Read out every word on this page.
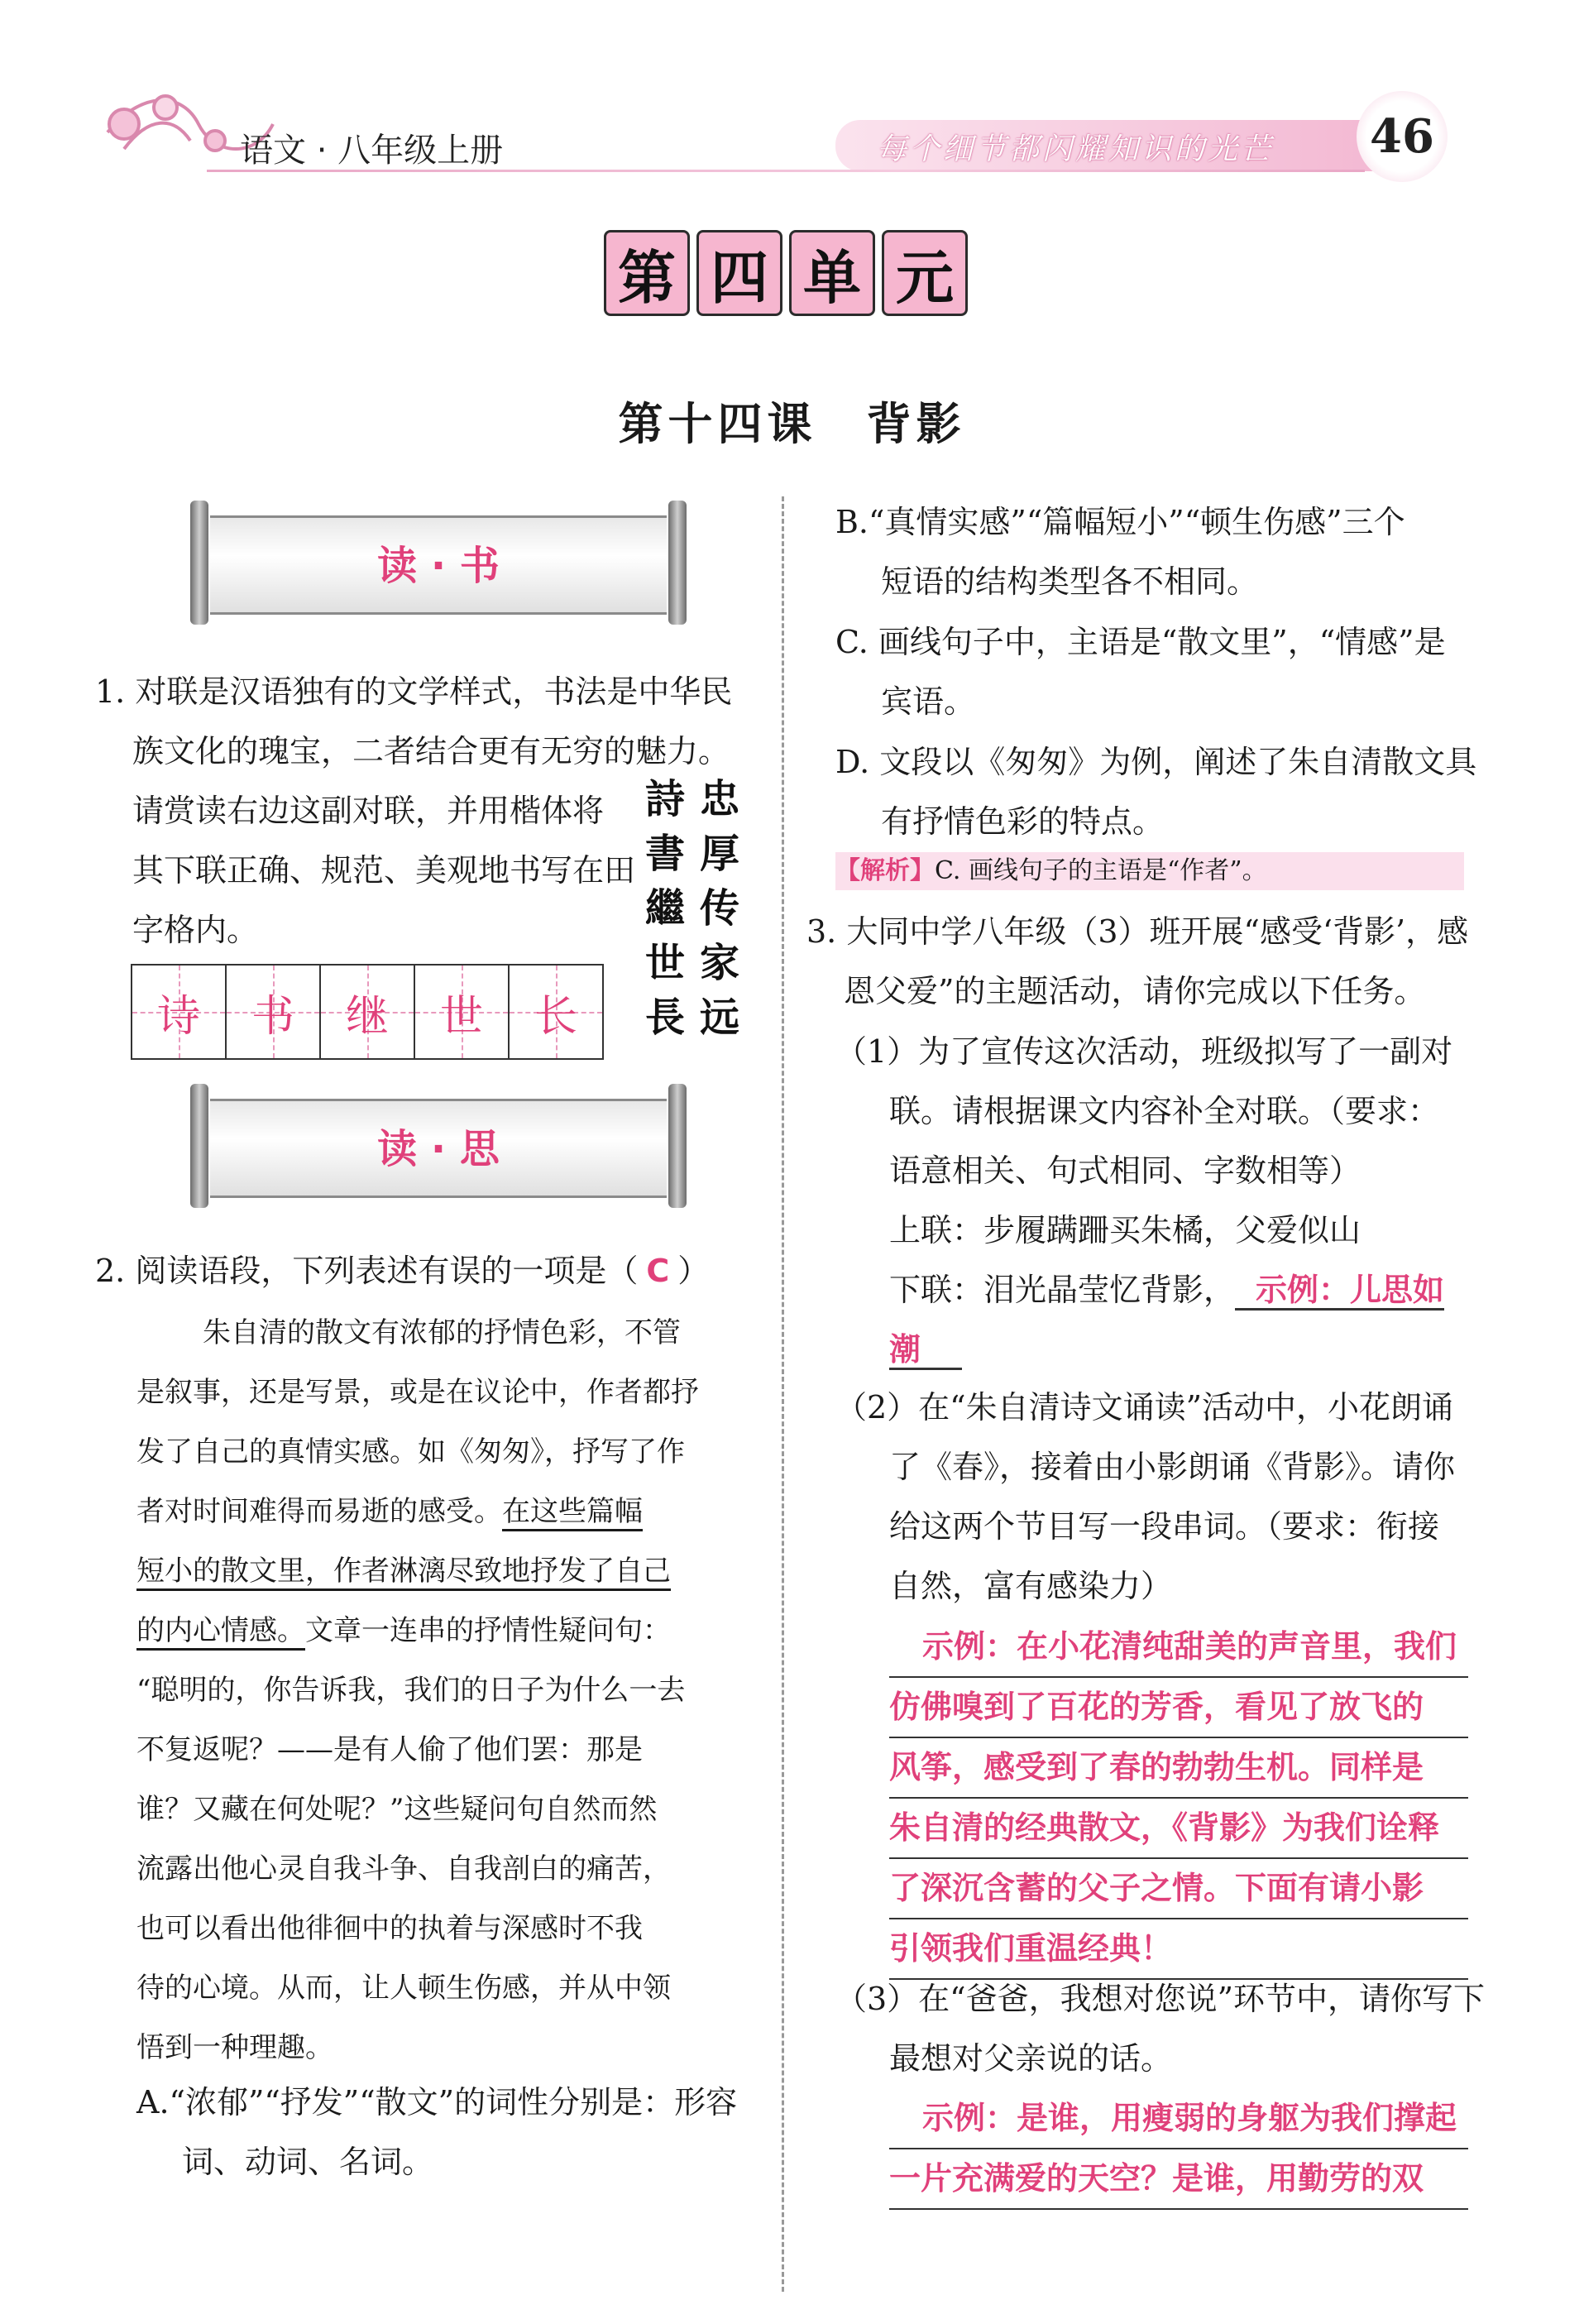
语文 · 八年级上册	每个细节都闪耀知识的光芒 46
第 四 单 元
第十四课　背影
读 · 书
1. 对联是汉语独有的文学样式，书法是中华民
族文化的瑰宝，二者结合更有无穷的魅力。
请赏读右边这副对联，并用楷体将
其下联正确、规范、美观地书写在田
字格内。
詩
書
繼
世
長
忠
厚
传
家
远
诗 书 继 世 长
读 · 思
2. 阅读语段，下列表述有误的一项是（ C ）
朱自清的散文有浓郁的抒情色彩，不管
是叙事，还是写景，或是在议论中，作者都抒
发了自己的真情实感。如《匆匆》，抒写了作
者对时间难得而易逝的感受。在这些篇幅
短小的散文里，作者淋漓尽致地抒发了自己
的内心情感。文章一连串的抒情性疑问句：
“聪明的，你告诉我，我们的日子为什么一去
不复返呢？——是有人偷了他们罢：那是
谁？又藏在何处呢？”这些疑问句自然而然
流露出他心灵自我斗争、自我剖白的痛苦，
也可以看出他徘徊中的执着与深感时不我
待的心境。从而，让人顿生伤感，并从中领
悟到一种理趣。
A.“浓郁”“抒发”“散文”的词性分别是：形容
词、动词、名词。
B.“真情实感”“篇幅短小”“顿生伤感”三个
短语的结构类型各不相同。
C. 画线句子中，主语是“散文里”，“情感”是
宾语。
D. 文段以《匆匆》为例，阐述了朱自清散文具
有抒情色彩的特点。
【解析】C. 画线句子的主语是“作者”。
3. 大同中学八年级（3）班开展“感受‘背影’，感
恩父爱”的主题活动，请你完成以下任务。
（1）为了宣传这次活动，班级拟写了一副对
联。请根据课文内容补全对联。（要求：
语意相关、句式相同、字数相等）
上联：步履蹒跚买朱橘，父爱似山
下联：泪光晶莹忆背影， 示例：儿思如
潮
（2）在“朱自清诗文诵读”活动中，小花朗诵
了《春》，接着由小影朗诵《背影》。请你
给这两个节目写一段串词。（要求：衔接
自然，富有感染力）
示例：在小花清纯甜美的声音里，我们
仿佛嗅到了百花的芳香，看见了放飞的
风筝，感受到了春的勃勃生机。同样是
朱自清的经典散文，《背影》为我们诠释
了深沉含蓄的父子之情。下面有请小影
引领我们重温经典！
（3）在“爸爸，我想对您说”环节中，请你写下
最想对父亲说的话。
示例：是谁，用瘦弱的身躯为我们撑起
一片充满爱的天空？是谁，用勤劳的双
